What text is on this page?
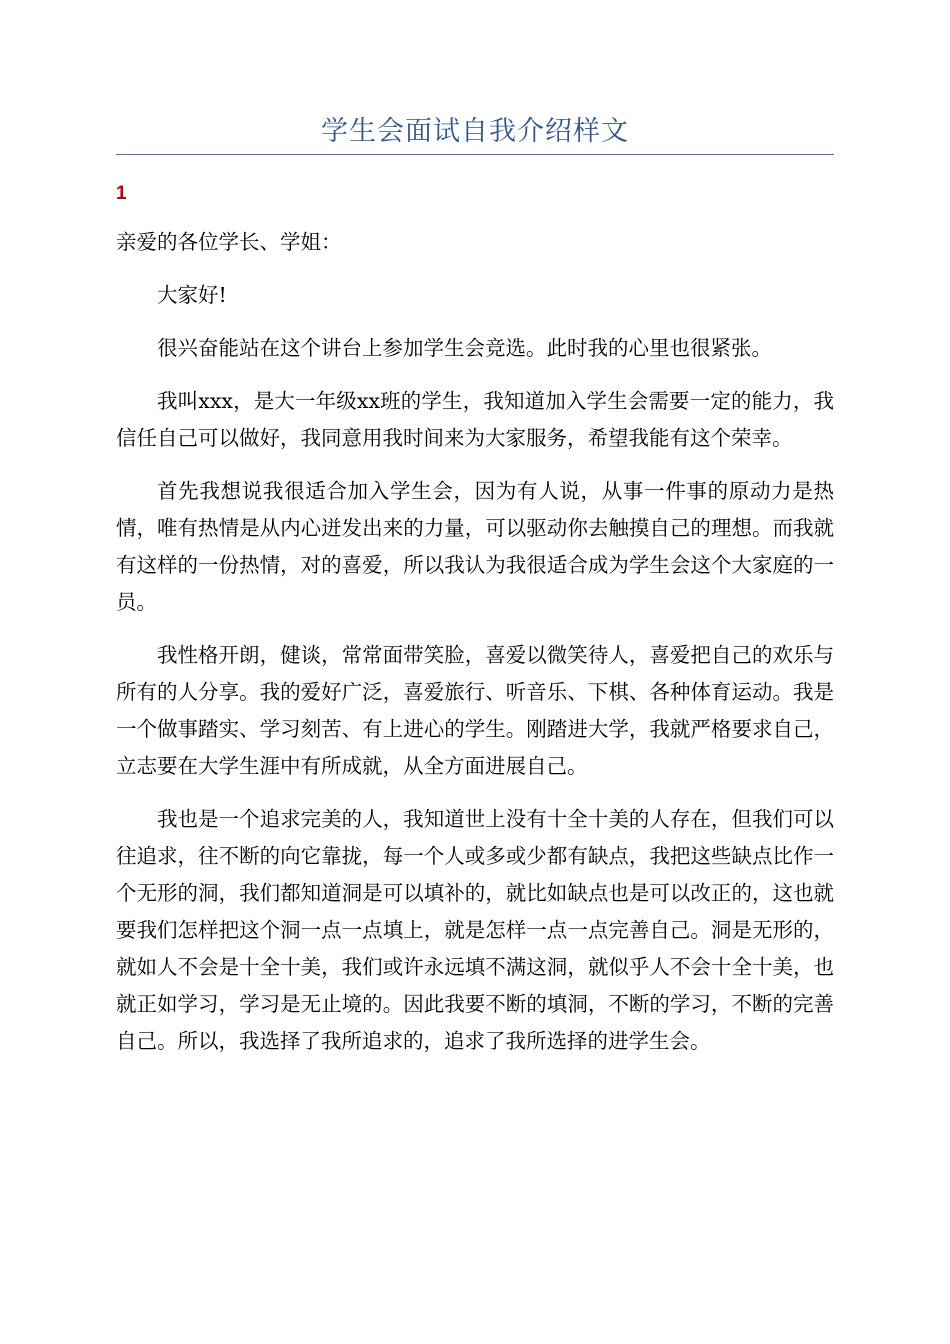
学生会面试自我介绍样文
1

亲爱的各位学长、学姐：

大家好!

很兴奋能站在这个讲台上参加学生会竞选。此时我的心里也很紧张。

我叫xxx，是大一年级xx班的学生，我知道加入学生会需要一定的能力，我信任自己可以做好，我同意用我时间来为大家服务，希望我能有这个荣幸。

首先我想说我很适合加入学生会，因为有人说，从事一件事的原动力是热情，唯有热情是从内心迸发出来的力量，可以驱动你去触摸自己的理想。而我就有这样的一份热情，对的喜爱，所以我认为我很适合成为学生会这个大家庭的一员。

我性格开朗，健谈，常常面带笑脸，喜爱以微笑待人，喜爱把自己的欢乐与所有的人分享。我的爱好广泛，喜爱旅行、听音乐、下棋、各种体育运动。我是一个做事踏实、学习刻苦、有上进心的学生。刚踏进大学，我就严格要求自己，立志要在大学生涯中有所成就，从全方面进展自己。

我也是一个追求完美的人，我知道世上没有十全十美的人存在，但我们可以往追求，往不断的向它靠拢，每一个人或多或少都有缺点，我把这些缺点比作一个无形的洞，我们都知道洞是可以填补的，就比如缺点也是可以改正的，这也就要我们怎样把这个洞一点一点填上，就是怎样一点一点完善自己。洞是无形的，就如人不会是十全十美，我们或许永远填不满这洞，就似乎人不会十全十美，也就正如学习，学习是无止境的。因此我要不断的填洞，不断的学习，不断的完善自己。所以，我选择了我所追求的，追求了我所选择的进学生会。
